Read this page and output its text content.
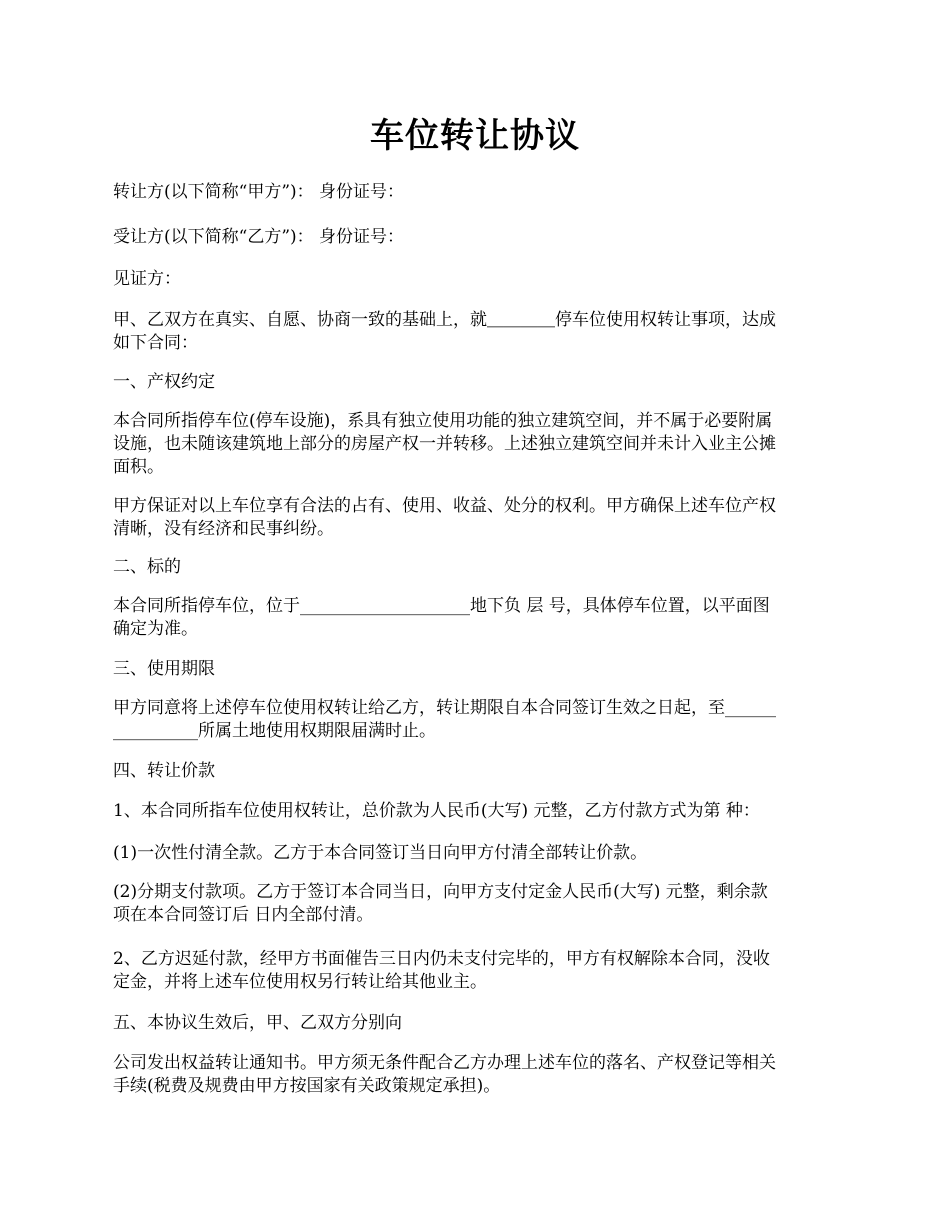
车位转让协议

转让方(以下简称“甲方”)： 身份证号：

受让方(以下简称“乙方”)： 身份证号：

见证方：

甲、乙双方在真实、自愿、协商一致的基础上，就＿＿＿＿停车位使用权转让事项，达成
如下合同：

一、产权约定

本合同所指停车位(停车设施)，系具有独立使用功能的独立建筑空间，并不属于必要附属
设施，也未随该建筑地上部分的房屋产权一并转移。上述独立建筑空间并未计入业主公摊
面积。
甲方保证对以上车位享有合法的占有、使用、收益、处分的权利。甲方确保上述车位产权
清晰，没有经济和民事纠纷。

二、标的

本合同所指停车位，位于____________________地下负 层 号，具体停车位置，以平面图
确定为准。

三、使用期限

甲方同意将上述停车位使用权转让给乙方，转让期限自本合同签订生效之日起，至______
__________所属土地使用权期限届满时止。

四、转让价款

1、本合同所指车位使用权转让，总价款为人民币(大写) 元整，乙方付款方式为第 种：

(1)一次性付清全款。乙方于本合同签订当日向甲方付清全部转让价款。

(2)分期支付款项。乙方于签订本合同当日，向甲方支付定金人民币(大写) 元整，剩余款
项在本合同签订后 日内全部付清。
2、乙方迟延付款，经甲方书面催告三日内仍未支付完毕的，甲方有权解除本合同，没收
定金，并将上述车位使用权另行转让给其他业主。

五、本协议生效后，甲、乙双方分别向

公司发出权益转让通知书。甲方须无条件配合乙方办理上述车位的落名、产权登记等相关
手续(税费及规费由甲方按国家有关政策规定承担)。
